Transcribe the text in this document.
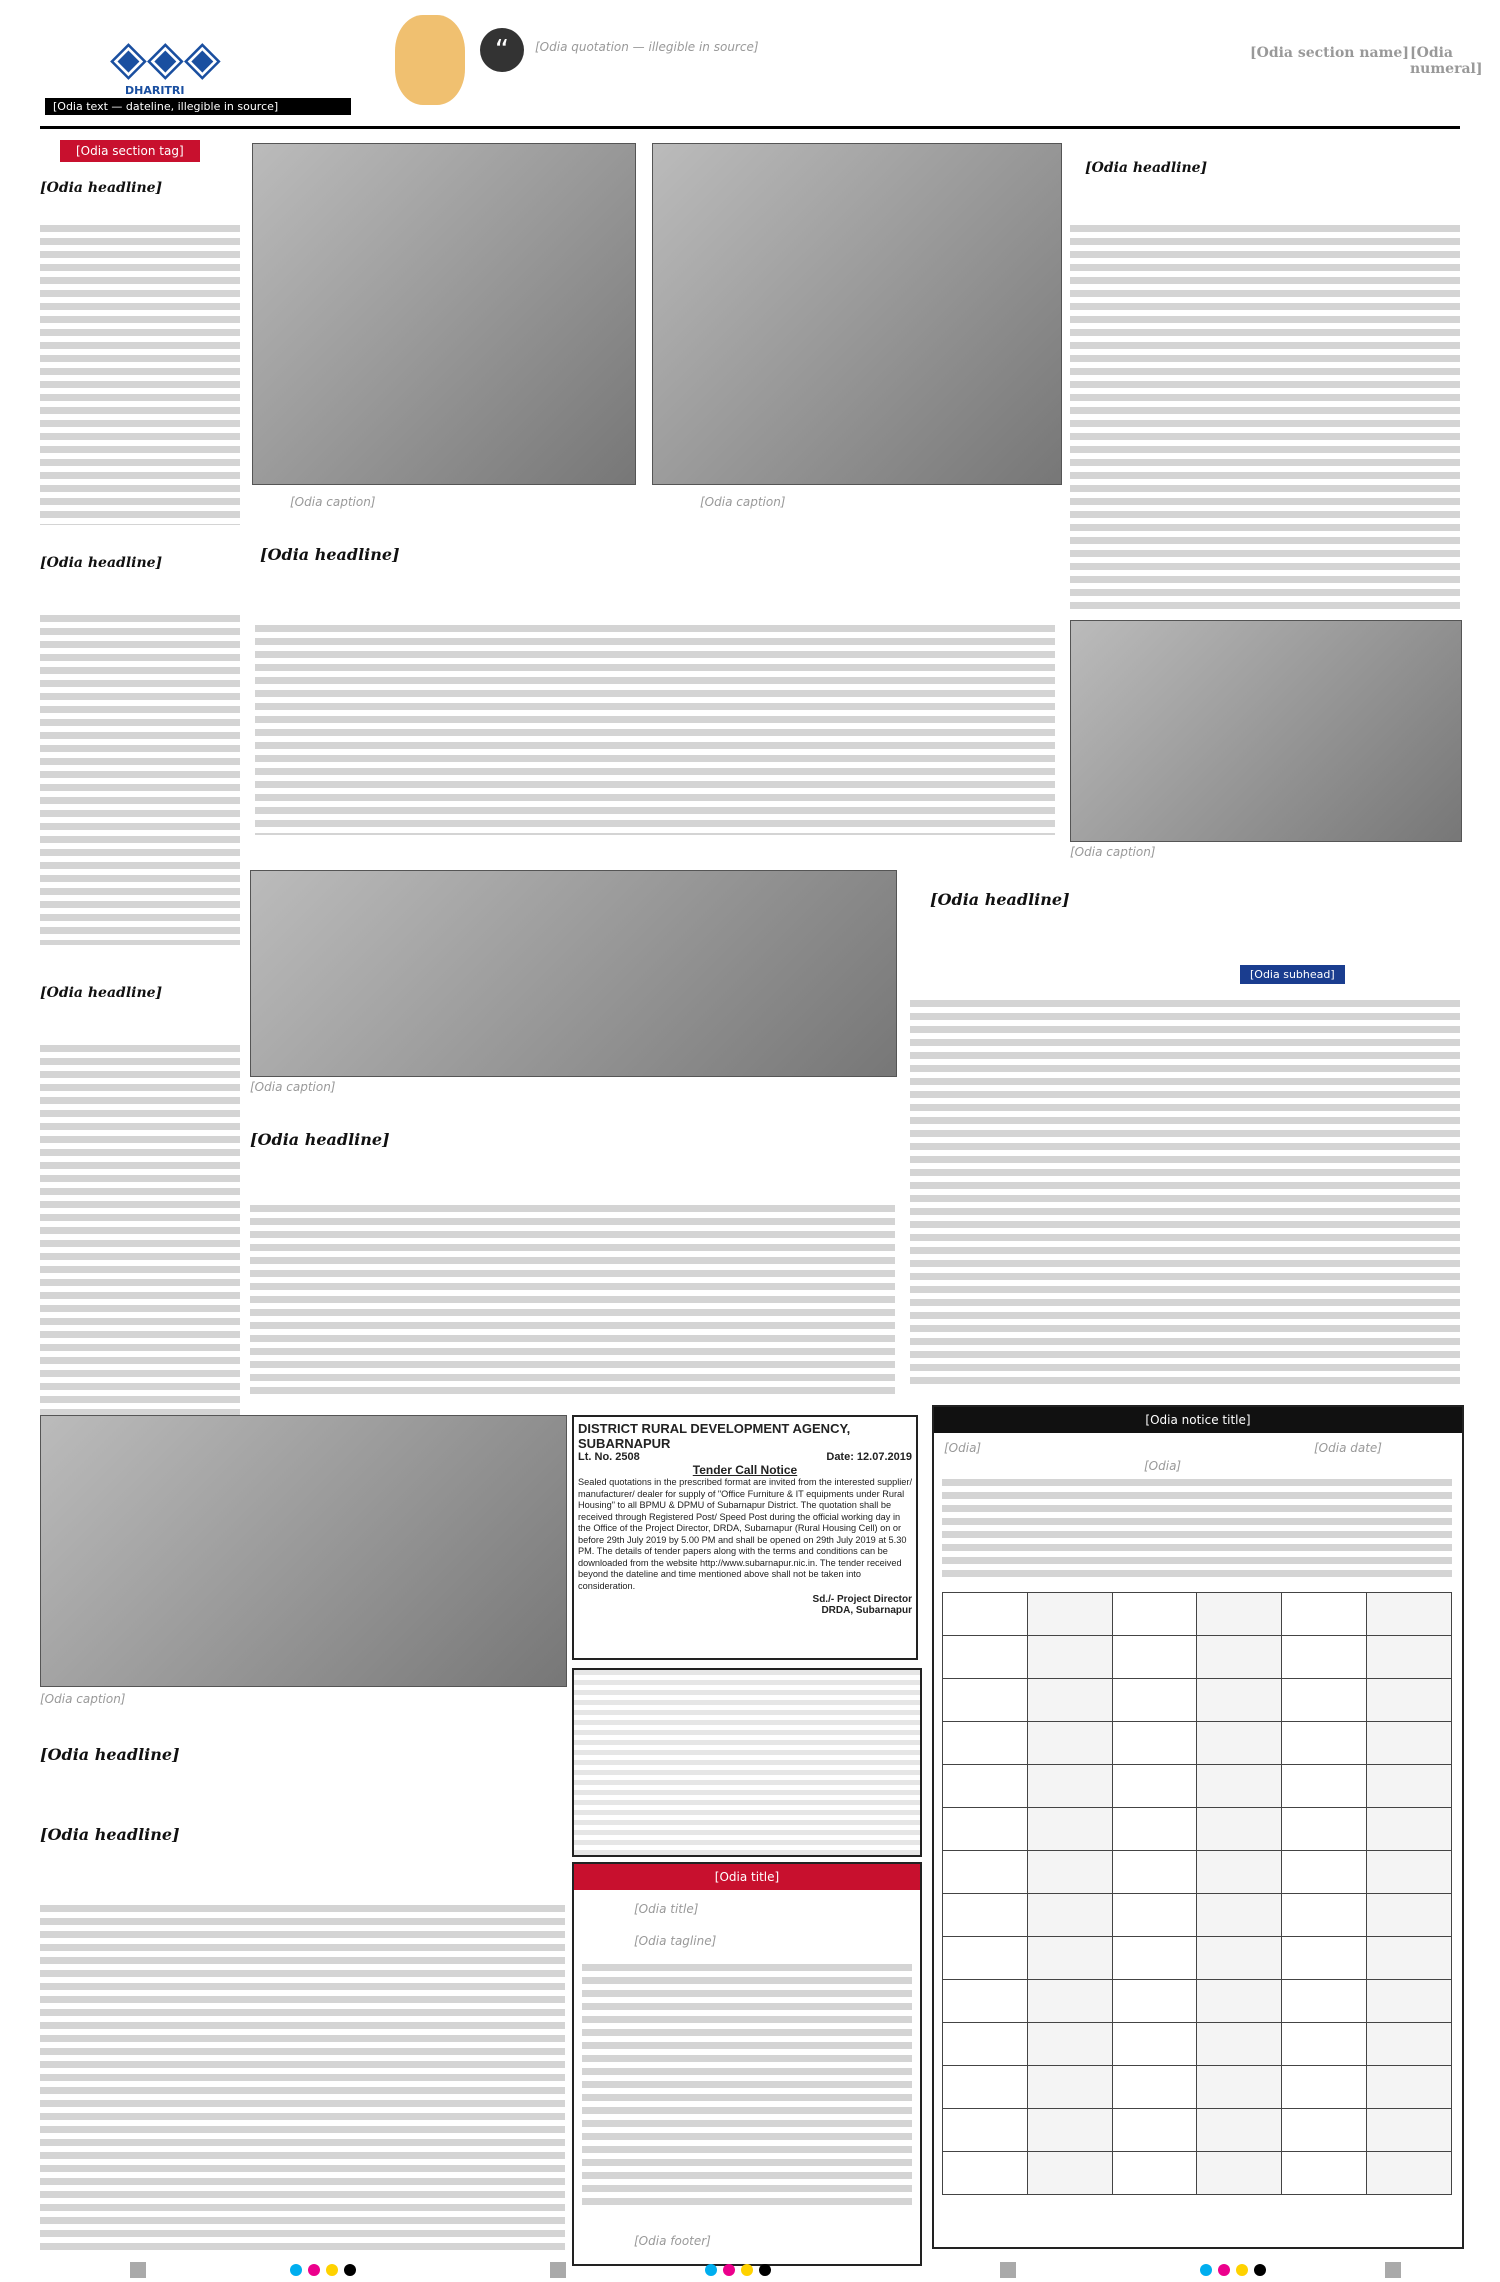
◈◈◈
DHARITRI
[Odia text — dateline, illegible in source]
“	[Odia quotation — illegible in source]	[Odia section name] [Odia numeral]
[Odia section tag]
[Odia headline]
[Odia headline]
[Odia headline]
[Odia caption]	[Odia caption]
[Odia headline]
[Odia headline]
[Odia caption]
[Odia caption]
[Odia headline]
[Odia headline]
[Odia subhead]
[Odia notice title]
[Odia]	[Odia date]
[Odia]

[Odia caption]
[Odia headline]
[Odia headline]
DISTRICT RURAL DEVELOPMENT AGENCY, SUBARNAPUR
Lt. No. 2508	Date: 12.07.2019
Tender Call Notice
Sealed quotations in the prescribed format are invited from the interested supplier/ manufacturer/ dealer for supply of "Office Furniture & IT equipments under Rural Housing" to all BPMU & DPMU of Subarnapur District. The quotation shall be received through Registered Post/ Speed Post during the official working day in the Office of the Project Director, DRDA, Subarnapur (Rural Housing Cell) on or before 29th July 2019 by 5.00 PM and shall be opened on 29th July 2019 at 5.30 PM. The details of tender papers along with the terms and conditions can be downloaded from the website http://www.subarnapur.nic.in. The tender received beyond the dateline and time mentioned above shall not be taken into consideration.
Sd./- Project Director
DRDA, Subarnapur
[Odia title]
[Odia title]
[Odia tagline]
[Odia footer]
